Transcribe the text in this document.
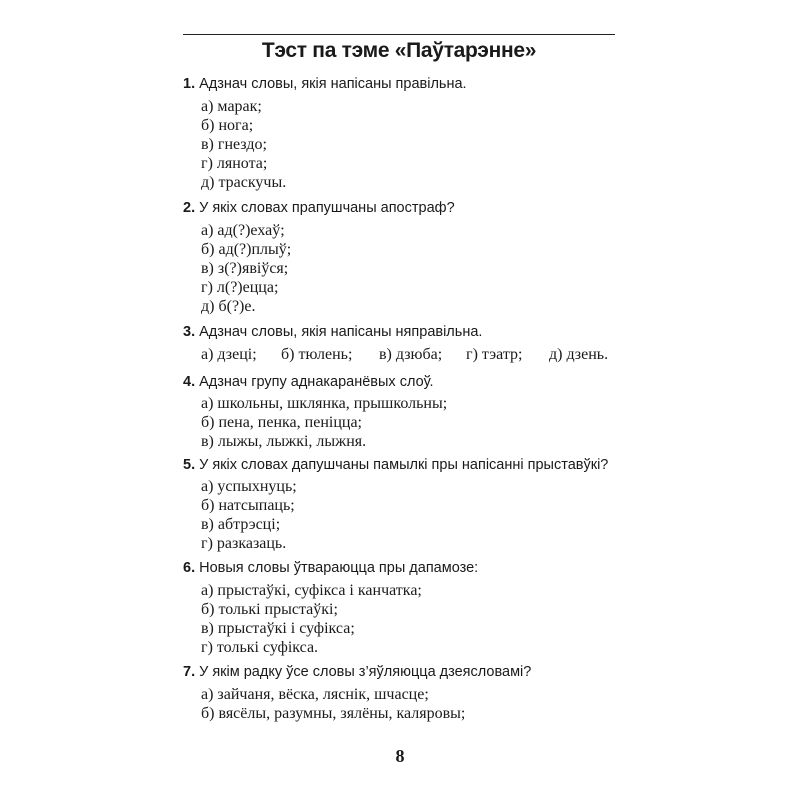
Тэст па тэме «Паўтарэнне»
1. Адзнач словы, якія напісаны правільна.
а) марак;
б) нога;
в) гнездо;
г) лянота;
д) траскучы.
2. У якіх словах прапушчаны апостраф?
а) ад(?)ехаў;
б) ад(?)плыў;
в) з(?)явіўся;
г) л(?)ецца;
д) б(?)е.
3. Адзнач словы, якія напісаны няправільна.
а) дзеці; б) тюлень; в) дзюба; г) тэатр; д) дзень.
4. Адзнач групу аднакаранёвых слоў.
а) школьны, шклянка, прышкольны;
б) пена, пенка, пеніцца;
в) лыжы, лыжкі, лыжня.
5. У якіх словах дапушчаны памылкі пры напісанні прыставўкі?
а) успыхнуць;
б) натсыпаць;
в) абтрэсці;
г) разказаць.
6. Новыя словы ўтвараюцца пры дапамозе:
а) прыстаўкі, суфікса і канчатка;
б) толькі прыстаўкі;
в) прыстаўкі і суфікса;
г) толькі суфікса.
7. У якім радку ўсе словы з’яўляюцца дзеясловамі?
а) зайчаня, вёска, ляснік, шчасце;
б) вясёлы, разумны, зялёны, каляровы;
8
